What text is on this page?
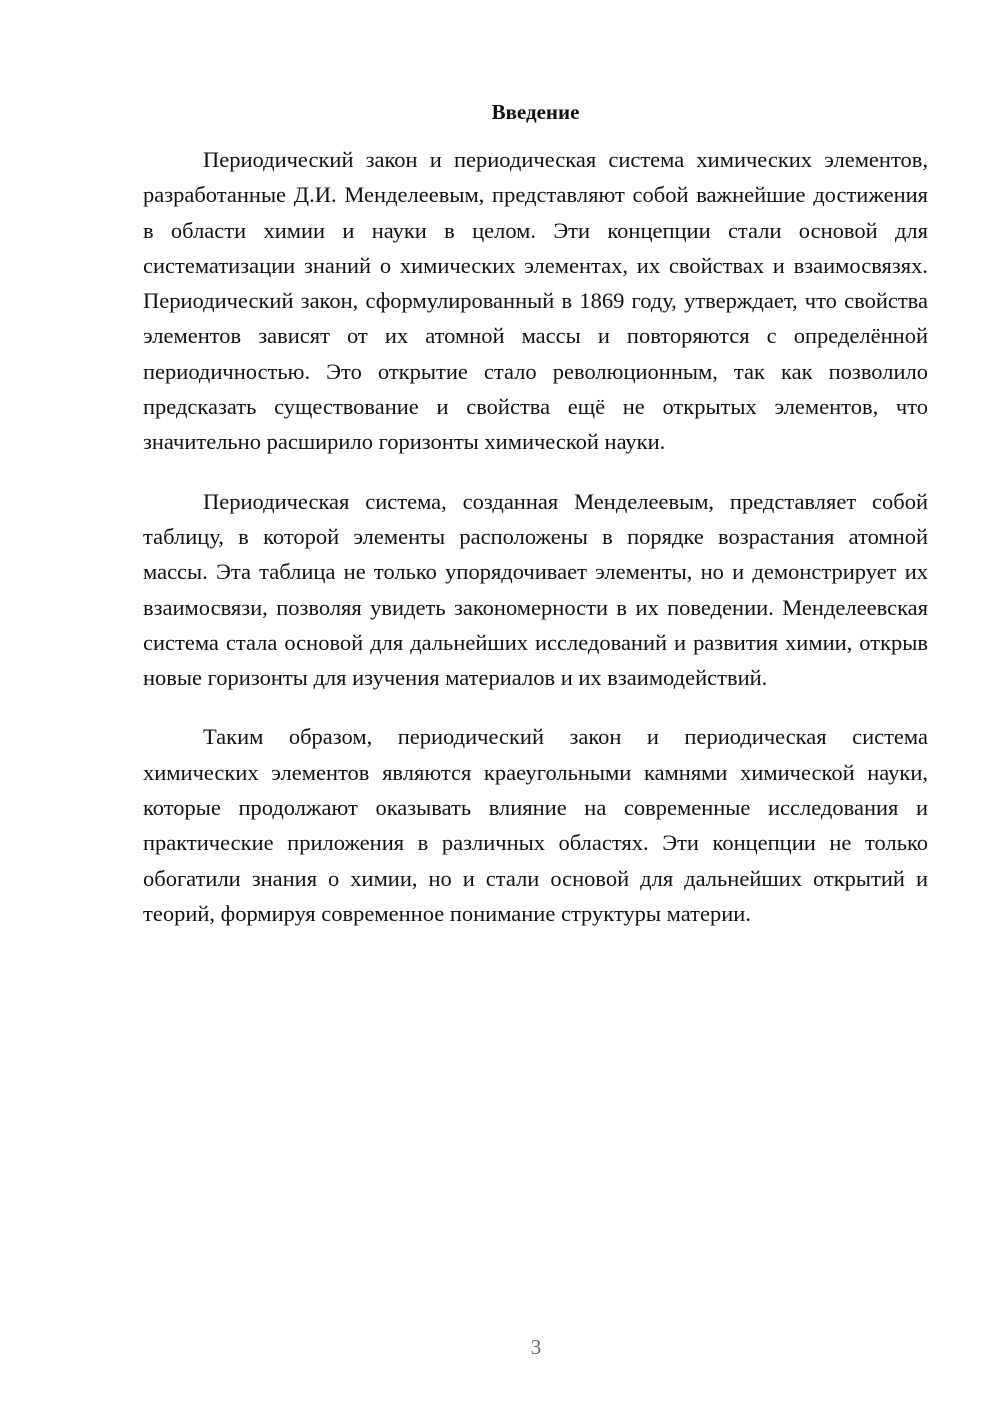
Введение

Периодический закон и периодическая система химических элементов, разработанные Д.И. Менделеевым, представляют собой важнейшие достижения в области химии и науки в целом. Эти концепции стали основой для систематизации знаний о химических элементах, их свойствах и взаимосвязях. Периодический закон, сформулированный в 1869 году, утверждает, что свойства элементов зависят от их атомной массы и повторяются с определённой периодичностью. Это открытие стало революционным, так как позволило предсказать существование и свойства ещё не открытых элементов, что значительно расширило горизонты химической науки.

Периодическая система, созданная Менделеевым, представляет собой таблицу, в которой элементы расположены в порядке возрастания атомной массы. Эта таблица не только упорядочивает элементы, но и демонстрирует их взаимосвязи, позволяя увидеть закономерности в их поведении. Менделеевская система стала основой для дальнейших исследований и развития химии, открыв новые горизонты для изучения материалов и их взаимодействий.

Таким образом, периодический закон и периодическая система химических элементов являются краеугольными камнями химической науки, которые продолжают оказывать влияние на современные исследования и практические приложения в различных областях. Эти концепции не только обогатили знания о химии, но и стали основой для дальнейших открытий и теорий, формируя современное понимание структуры материи.

3
